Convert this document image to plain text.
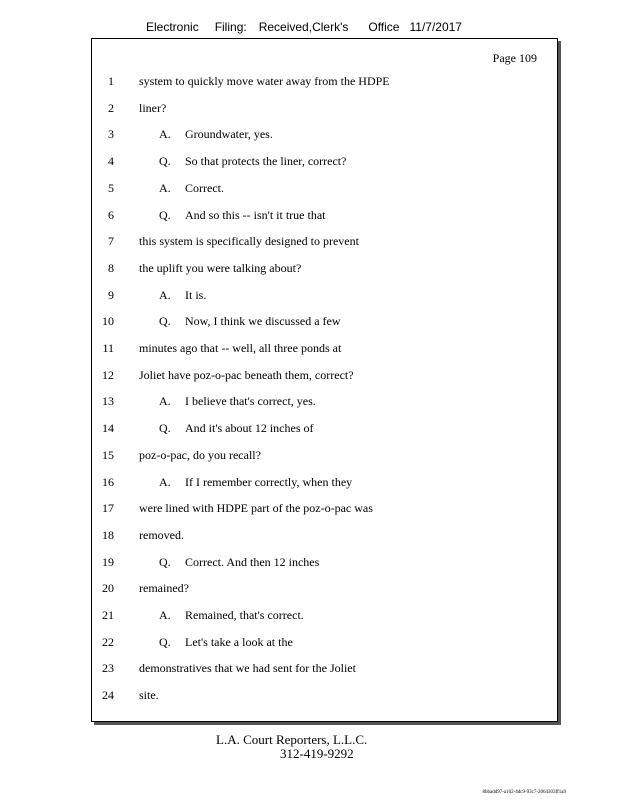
Electronic Filing: Received,Clerk's Office 11/7/2017
Page 109
1 system to quickly move water away from the HDPE
2 liner?
3	A. Groundwater, yes.
4	Q. So that protects the liner, correct?
5	A. Correct.
6	Q. And so this -- isn't it true that
7 this system is specifically designed to prevent
8 the uplift you were talking about?
9	A. It is.
10	Q. Now, I think we discussed a few
11 minutes ago that -- well, all three ponds at
12 Joliet have poz-o-pac beneath them, correct?
13	A. I believe that's correct, yes.
14	Q. And it's about 12 inches of
15 poz-o-pac, do you recall?
16	A. If I remember correctly, when they
17 were lined with HDPE part of the poz-o-pac was
18 removed.
19	Q. Correct. And then 12 inches
20 remained?
21	A. Remained, that's correct.
22	Q. Let's take a look at the
23 demonstratives that we had sent for the Joliet
24 site.
L.A. Court Reporters, L.L.C.
312-419-9292
8bbadd97-a102-4dc9-93c7-2064303ff1a9
